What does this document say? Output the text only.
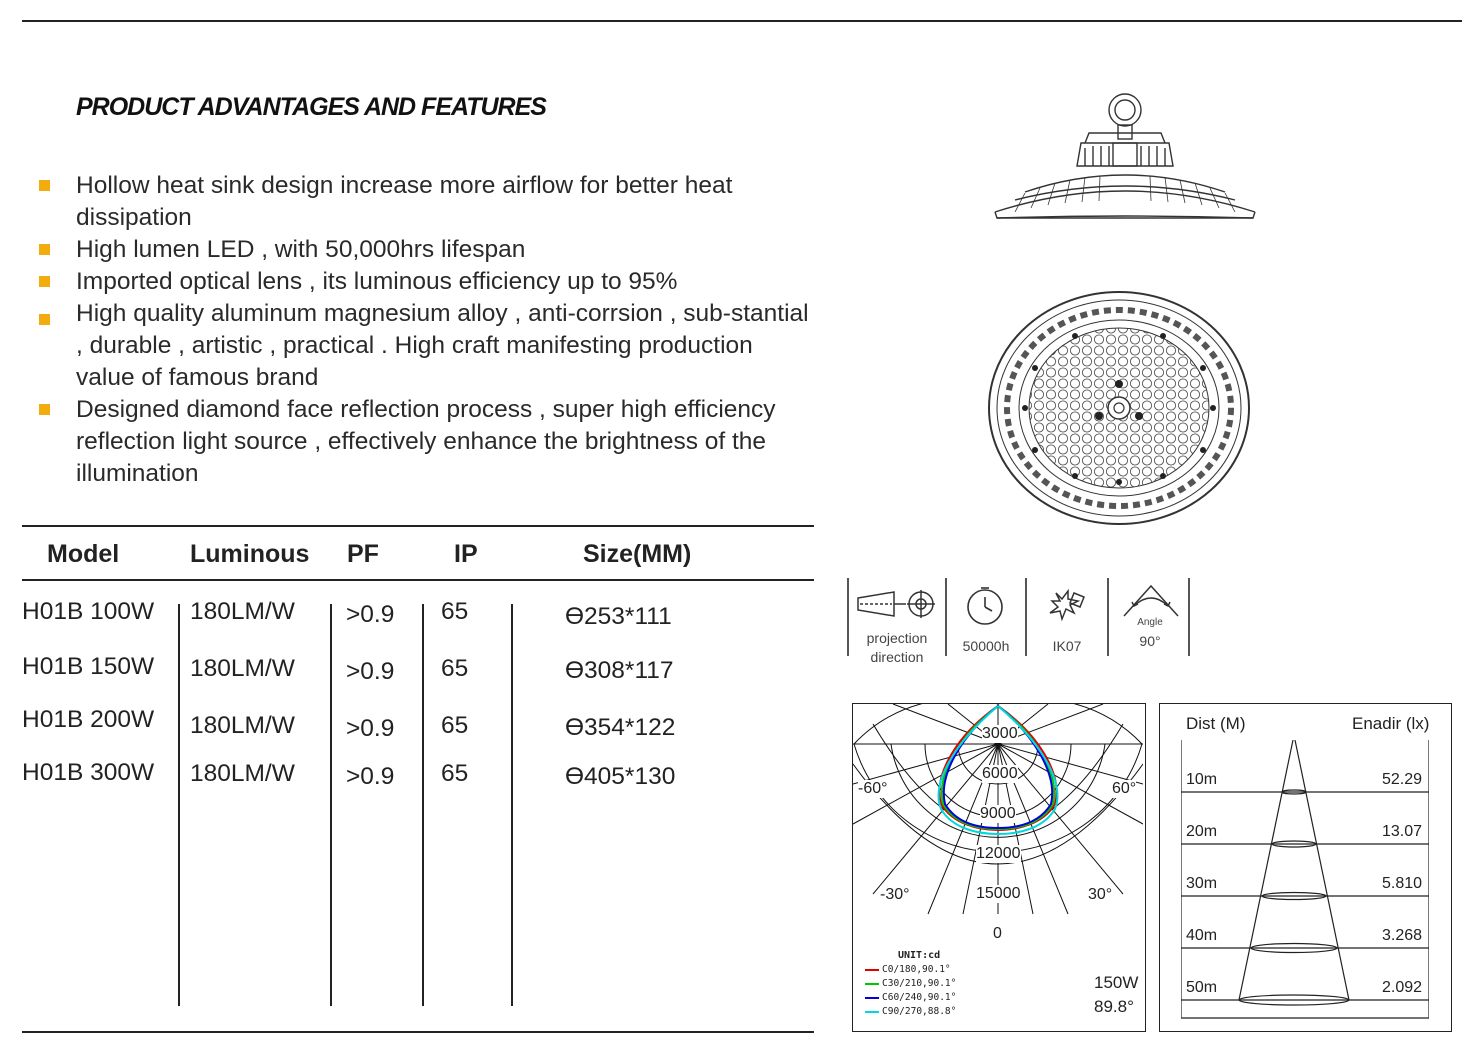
PRODUCT ADVANTAGES AND FEATURES
Hollow heat sink design increase more airflow for better heat dissipation
High lumen LED , with 50,000hrs lifespan
Imported optical lens , its luminous efficiency up to 95%
High quality aluminum magnesium alloy , anti-corrsion , sub-stantial , durable , artistic , practical . High craft manifesting production value of famous brand
Designed diamond face reflection process , super high efficiency reflection light source , effectively enhance the brightness of the illumination
Model	Luminous PF	IP	Size(MM)
H01B 100W 180LM/W >0.9 65	Ө253*111
H01B 150W 180LM/W >0.9 65	Ө308*117
H01B 200W 180LM/W >0.9 65	Ө354*122
H01B 300W 180LM/W >0.9 65	Ө405*130
projection
direction
50000h	IK07
Angle
90°
3000
6000
9000
12000
15000
-60°	60°
-30°	30°
0
UNIT:cd
C0/180,90.1°
C30/210,90.1°
C60/240,90.1°
C90/270,88.8°
150W
89.8°
Dist (M)	Enadir (lx)
10m	52.29
20m	13.07
30m	5.810
40m	3.268
50m	2.092
